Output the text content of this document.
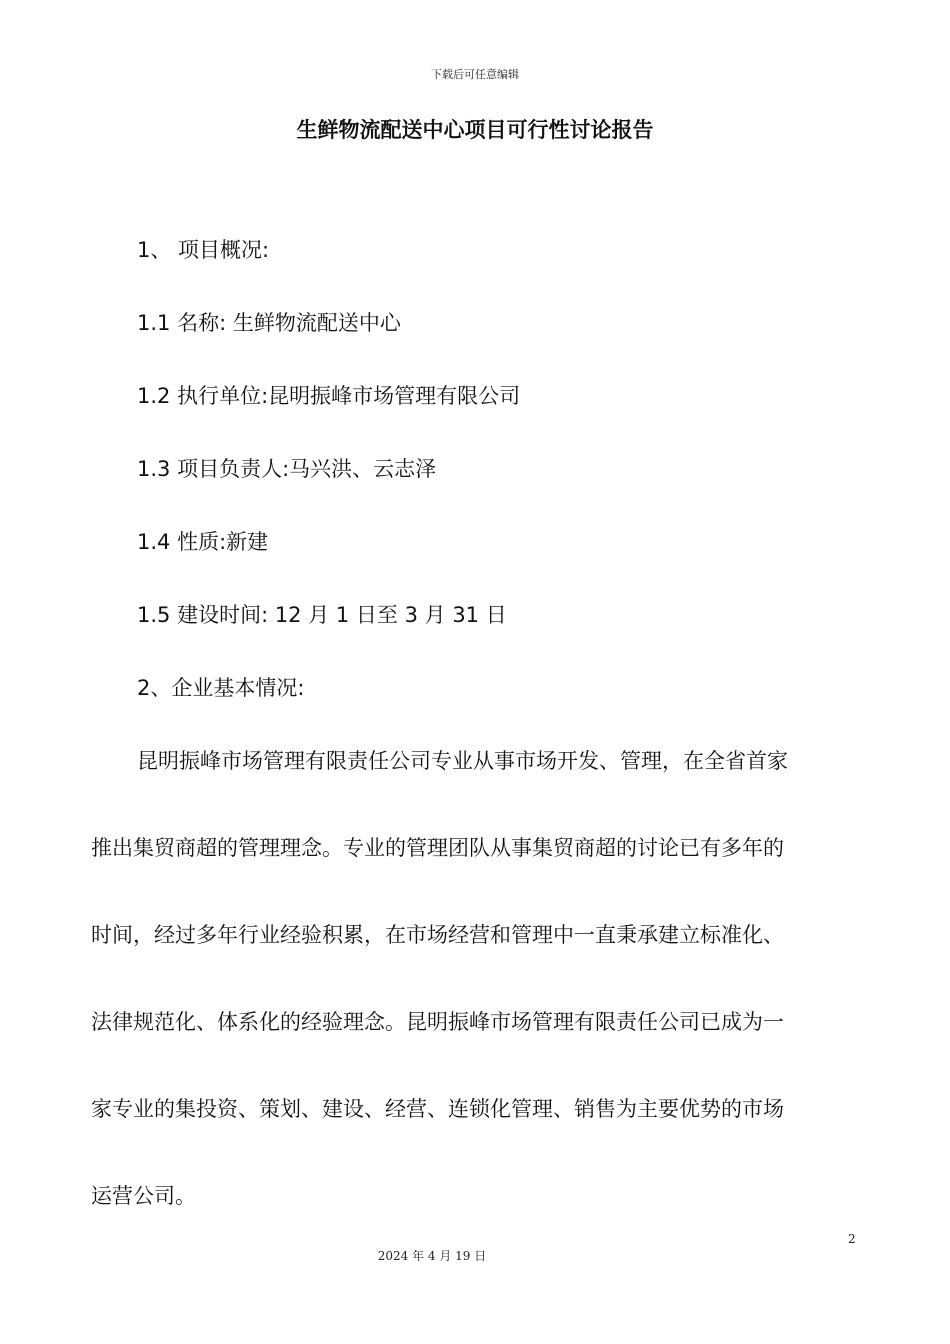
下载后可任意编辑
生鲜物流配送中心项目可行性讨论报告
1、 项目概况:
1.1 名称: 生鲜物流配送中心
1.2 执行单位:昆明振峰市场管理有限公司
1.3 项目负责人:马兴洪、云志泽
1.4 性质:新建
1.5 建设时间: 12 月 1 日至 3 月 31 日
2、企业基本情况:
昆明振峰市场管理有限责任公司专业从事市场开发、管理，在全省首家
推出集贸商超的管理理念。专业的管理团队从事集贸商超的讨论已有多年的
时间，经过多年行业经验积累，在市场经营和管理中一直秉承建立标准化、
法律规范化、体系化的经验理念。昆明振峰市场管理有限责任公司已成为一
家专业的集投资、策划、建设、经营、连锁化管理、销售为主要优势的市场
运营公司。
2
2024 年 4 月 19 日
